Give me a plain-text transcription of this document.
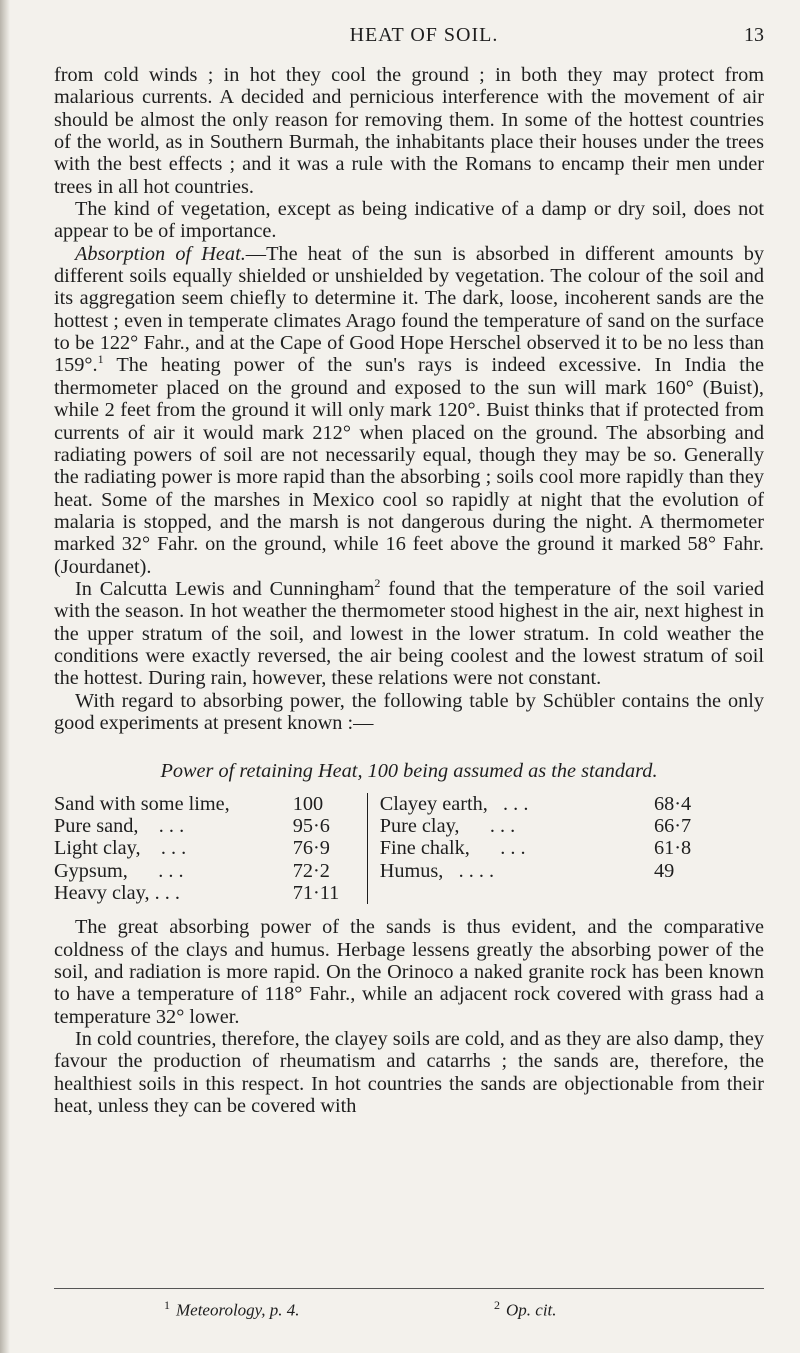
HEAT OF SOIL.	13

from cold winds ; in hot they cool the ground ; in both they may protect from malarious currents. A decided and pernicious interference with the movement of air should be almost the only reason for removing them. In some of the hottest countries of the world, as in Southern Burmah, the inhabitants place their houses under the trees with the best effects ; and it was a rule with the Romans to encamp their men under trees in all hot countries.

The kind of vegetation, except as being indicative of a damp or dry soil, does not appear to be of importance.

Absorption of Heat.—The heat of the sun is absorbed in different amounts by different soils equally shielded or unshielded by vegetation. The colour of the soil and its aggregation seem chiefly to determine it. The dark, loose, incoherent sands are the hottest ; even in temperate climates Arago found the temperature of sand on the surface to be 122° Fahr., and at the Cape of Good Hope Herschel observed it to be no less than 159°.$^1$ The heating power of the sun's rays is indeed excessive. In India the thermometer placed on the ground and exposed to the sun will mark 160° (Buist), while 2 feet from the ground it will only mark 120°. Buist thinks that if protected from currents of air it would mark 212° when placed on the ground. The absorbing and radiating powers of soil are not necessarily equal, though they may be so. Generally the radiating power is more rapid than the absorbing ; soils cool more rapidly than they heat. Some of the marshes in Mexico cool so rapidly at night that the evolution of malaria is stopped, and the marsh is not dangerous during the night. A thermometer marked 32° Fahr. on the ground, while 16 feet above the ground it marked 58° Fahr. (Jourdanet).

In Calcutta Lewis and Cunningham$^2$ found that the temperature of the soil varied with the season. In hot weather the thermometer stood highest in the air, next highest in the upper stratum of the soil, and lowest in the lower stratum. In cold weather the conditions were exactly reversed, the air being coolest and the lowest stratum of soil the hottest. During rain, however, these relations were not constant.

With regard to absorbing power, the following table by Schübler contains the only good experiments at present known :—

Power of retaining Heat, 100 being assumed as the standard.
Sand with some lime,	100
Pure sand, . . .	95·6
Light clay, . . .	76·9
Gypsum, . . .	72·2
Heavy clay, . . .	71·11
Clayey earth, . . .	68·4
Pure clay, . . .	66·7
Fine chalk, . . .	61·8
Humus, . . . .	49

The great absorbing power of the sands is thus evident, and the comparative coldness of the clays and humus. Herbage lessens greatly the absorbing power of the soil, and radiation is more rapid. On the Orinoco a naked granite rock has been known to have a temperature of 118° Fahr., while an adjacent rock covered with grass had a temperature 32° lower.

In cold countries, therefore, the clayey soils are cold, and as they are also damp, they favour the production of rheumatism and catarrhs ; the sands are, therefore, the healthiest soils in this respect. In hot countries the sands are objectionable from their heat, unless they can be covered with

$^1$ Meteorology, p. 4.	$^2$ Op. cit.
